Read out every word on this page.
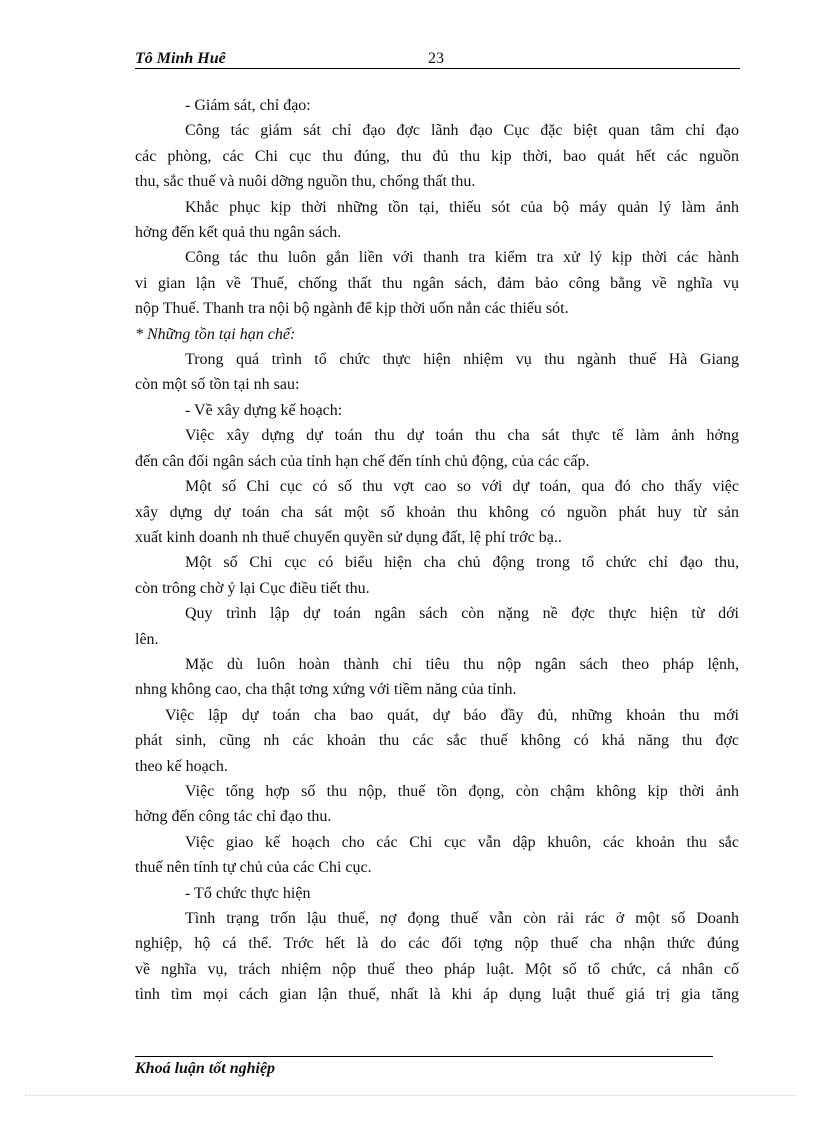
Tô Minh Huê	23

- Giám sát, chỉ đạo:

Công tác giám sát chỉ đạo đợc lãnh đạo Cục đặc biệt quan tâm chỉ đạo

các phòng, các Chi cục thu đúng, thu đủ thu kịp thời, bao quát hết các nguồn

thu, sắc thuế và nuôi dỡng nguồn thu, chống thất thu.

Khắc phục kịp thời những tồn tại, thiếu sót của bộ máy quản lý làm ảnh

hởng đến kết quả thu ngân sách.

Công tác thu luôn gắn liền với thanh tra kiểm tra xử lý kịp thời các hành

vi gian lận về Thuế, chống thất thu ngân sách, đảm bảo công bằng về nghĩa vụ

nộp Thuế. Thanh tra nội bộ ngành để kịp thời uốn nắn các thiếu sót.

* Những tồn tại hạn chế:

Trong quá trình tổ chức thực hiện nhiệm vụ thu ngành thuế Hà Giang

còn một số tồn tại nh sau:

- Về xây dựng kế hoạch:

Việc xây dựng dự toán thu dự toán thu cha sát thực tế làm ảnh hởng

đến cân đối ngân sách của tỉnh hạn chế đến tính chủ động, của các cấp.

Một số Chi cục có số thu vợt cao so với dự toán, qua đó cho thấy việc

xây dựng dự toán cha sát một số khoản thu không có nguồn phát huy từ sản

xuất kinh doanh nh thuế chuyển quyền sử dụng đất, lệ phí trớc bạ..

Một số Chi cục có biểu hiện cha chủ động trong tổ chức chỉ đạo thu,

còn trông chờ ỷ lại Cục điều tiết thu.

Quy trình lập dự toán ngân sách còn nặng nề đợc thực hiện từ dới

lên.

Mặc dù luôn hoàn thành chỉ tiêu thu nộp ngân sách theo pháp lệnh,

nhng không cao, cha thật tơng xứng với tiềm năng của tỉnh.

Việc lập dự toán cha bao quát, dự báo đầy đủ, những khoản thu mới

phát sinh, cũng nh các khoản thu các sắc thuế không có khả năng thu đợc

theo kế hoạch.

Việc tổng hợp số thu nộp, thuế tồn đọng, còn chậm không kịp thời ảnh

hởng đến công tác chỉ đạo thu.

Việc giao kế hoạch cho các Chi cục vẫn dập khuôn, các khoản thu sắc

thuế nên tính tự chủ của các Chi cục.

- Tổ chức thực hiện

Tình trạng trốn lậu thuế, nợ đọng thuế vẫn còn rải rác ở một số Doanh

nghiệp, hộ cá thể. Trớc hết là do các đối tợng nộp thuế cha nhận thức đúng

về nghĩa vụ, trách nhiệm nộp thuế theo pháp luật. Một số tổ chức, cá nhân cố

tình tìm mọi cách gian lận thuế, nhất là khi áp dụng luật thuế giá trị gia tăng

Khoá luận tốt nghiệp
